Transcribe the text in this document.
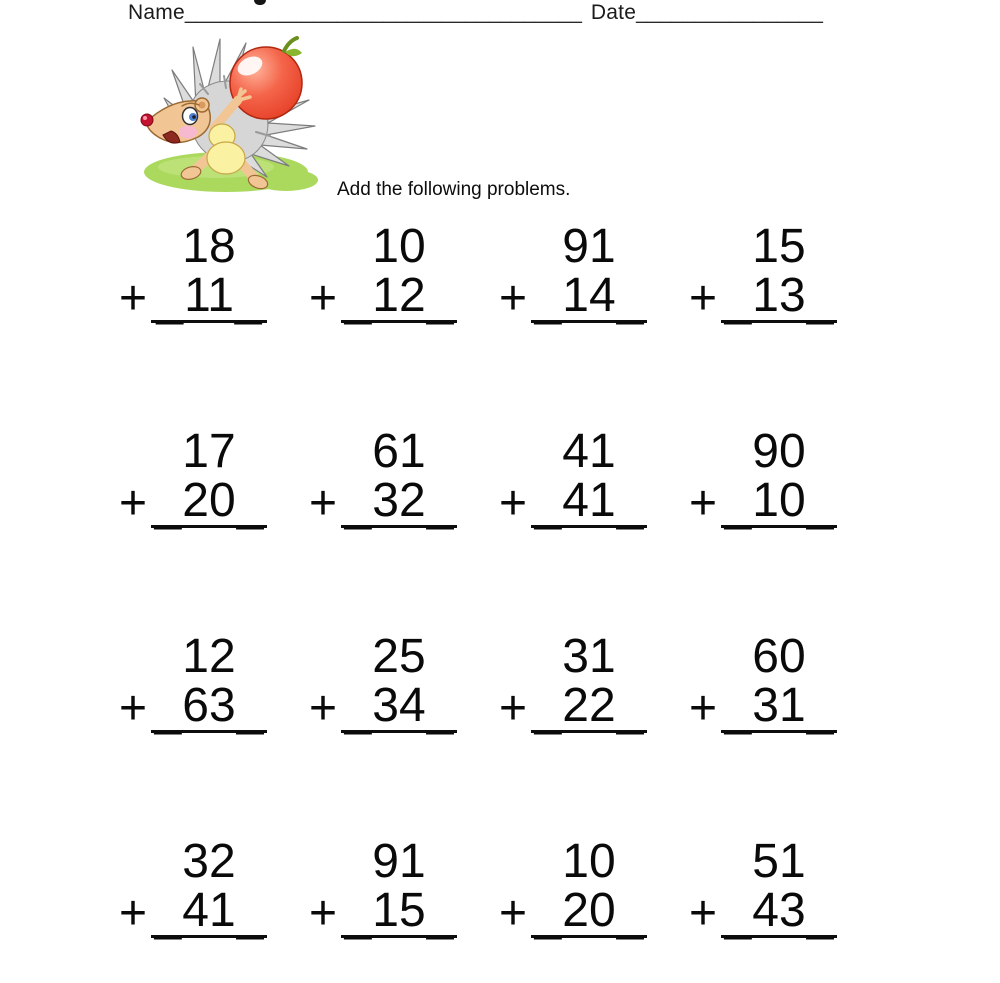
Name__________________________________ Date________________
Add the following problems.
18
+ _ 11 _
10
+ _ 12 _
91
+ _ 14 _
15
+ _ 13 _
17
+ _ 20 _
61
+ _ 32 _
41
+ _ 41 _
90
+ _ 10 _
12
+ _ 63 _
25
+ _ 34 _
31
+ _ 22 _
60
+ _ 31 _
32
+ _ 41 _
91
+ _ 15 _
10
+ _ 20 _
51
+ _ 43 _
